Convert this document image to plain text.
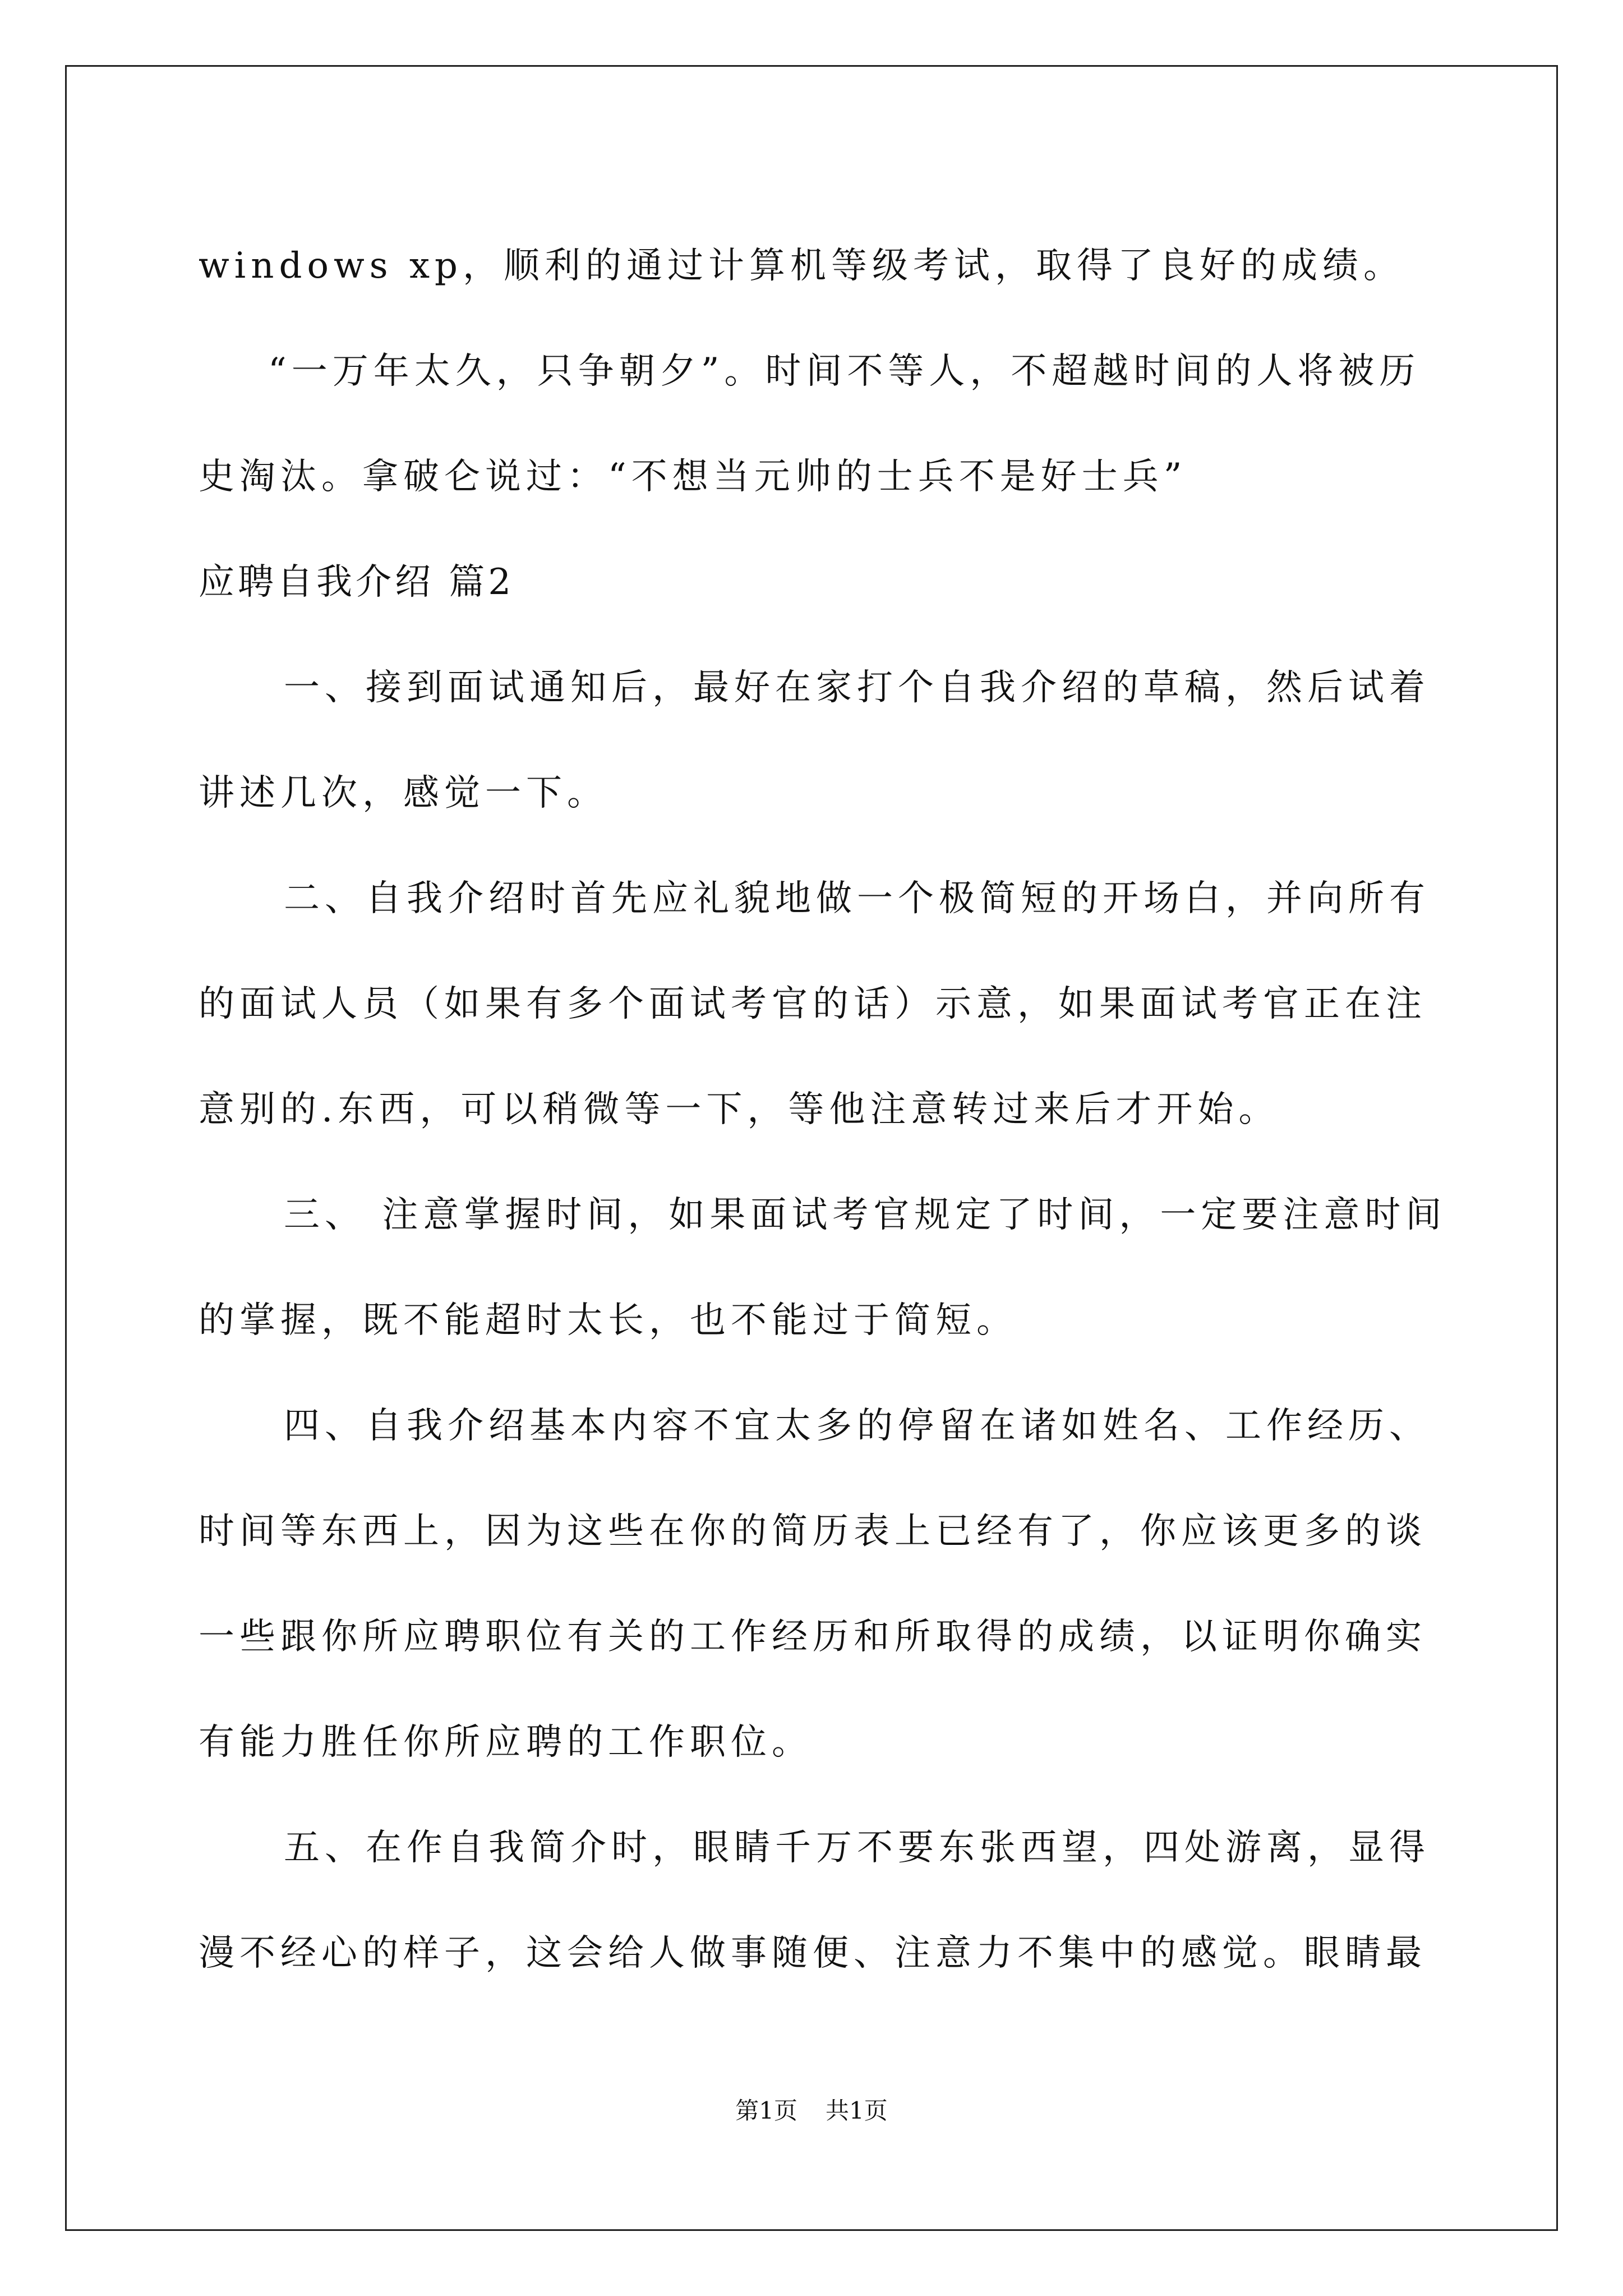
windows xp，顺利的通过计算机等级考试，取得了良好的成绩。
“一万年太久，只争朝夕”。时间不等人，不超越时间的人将被历
史淘汰。拿破仑说过：“不想当元帅的士兵不是好士兵”
应聘自我介绍 篇2
一、接到面试通知后，最好在家打个自我介绍的草稿，然后试着
讲述几次，感觉一下。
二、自我介绍时首先应礼貌地做一个极简短的开场白，并向所有
的面试人员（如果有多个面试考官的话）示意，如果面试考官正在注
意别的.东西，可以稍微等一下，等他注意转过来后才开始。
三、 注意掌握时间，如果面试考官规定了时间，一定要注意时间
的掌握，既不能超时太长，也不能过于简短。
四、自我介绍基本内容不宜太多的停留在诸如姓名、工作经历、
时间等东西上，因为这些在你的简历表上已经有了，你应该更多的谈
一些跟你所应聘职位有关的工作经历和所取得的成绩，以证明你确实
有能力胜任你所应聘的工作职位。
五、在作自我简介时，眼睛千万不要东张西望，四处游离，显得
漫不经心的样子，这会给人做事随便、注意力不集中的感觉。眼睛最
第1页 共1页
